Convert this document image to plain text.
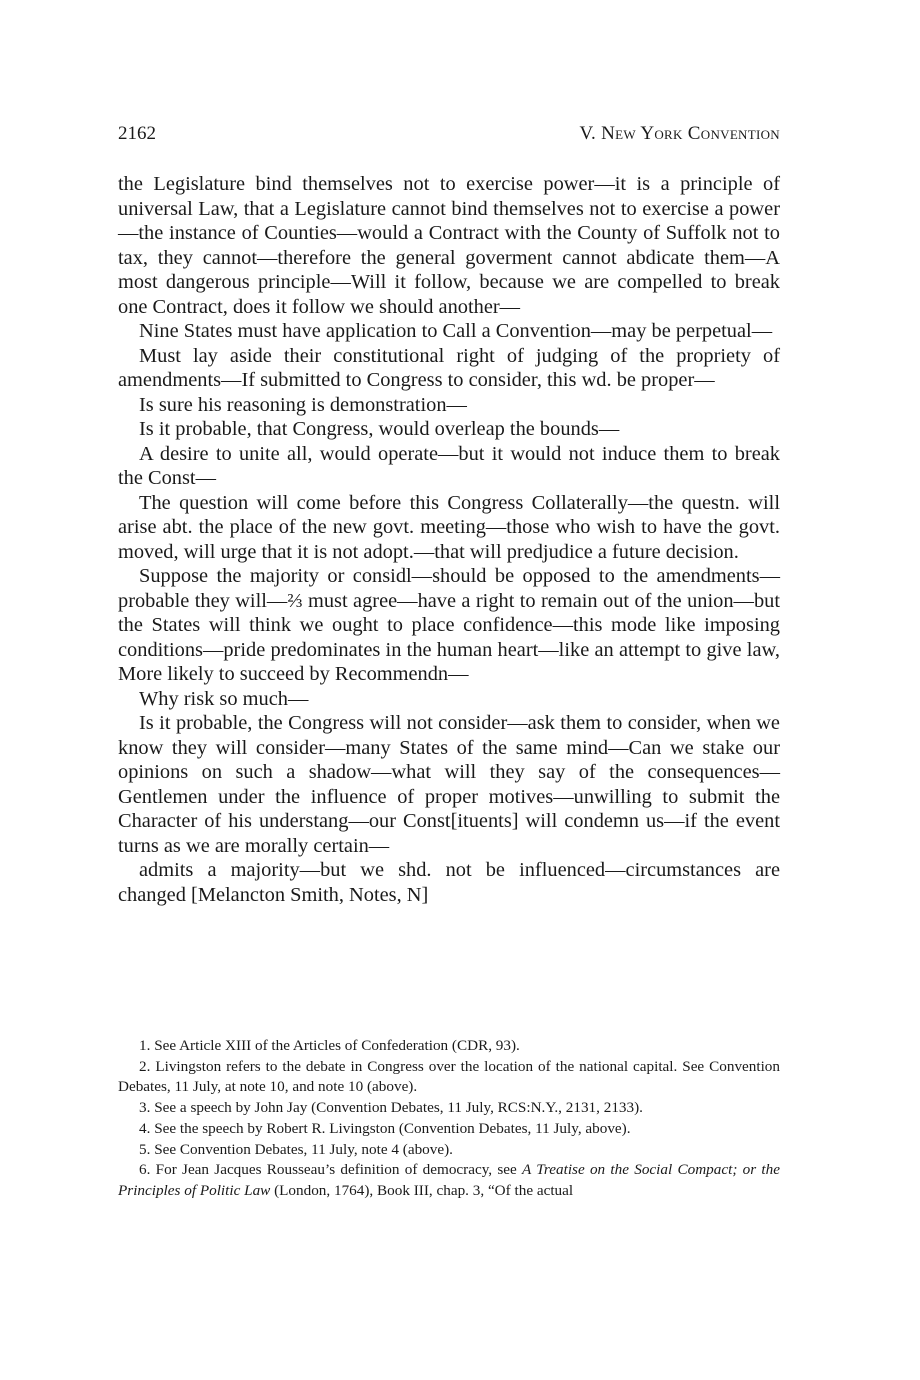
2162	V. New York Convention

the Legislature bind themselves not to exercise power—it is a principle of universal Law, that a Legislature cannot bind themselves not to exercise a power—the instance of Counties—would a Contract with the County of Suffolk not to tax, they cannot—therefore the general goverment cannot abdicate them—A most dangerous principle—Will it follow, because we are compelled to break one Contract, does it follow we should another—

Nine States must have application to Call a Convention—may be perpetual—

Must lay aside their constitutional right of judging of the propriety of amendments—If submitted to Congress to consider, this wd. be proper—

Is sure his reasoning is demonstration—

Is it probable, that Congress, would overleap the bounds—

A desire to unite all, would operate—but it would not induce them to break the Const—

The question will come before this Congress Collaterally—the questn. will arise abt. the place of the new govt. meeting—those who wish to have the govt. moved, will urge that it is not adopt.—that will predjudice a future decision.

Suppose the majority or considl—should be opposed to the amendments—probable they will—⅔ must agree—have a right to remain out of the union—but the States will think we ought to place confidence—this mode like imposing conditions—pride predominates in the human heart—like an attempt to give law, More likely to succeed by Recommendn—

Why risk so much—

Is it probable, the Congress will not consider—ask them to consider, when we know they will consider—many States of the same mind—Can we stake our opinions on such a shadow—what will they say of the consequences—Gentlemen under the influence of proper motives—unwilling to submit the Character of his understang—our Const[ituents] will condemn us—if the event turns as we are morally certain—

admits a majority—but we shd. not be influenced—circumstances are changed [Melancton Smith, Notes, N]

1. See Article XIII of the Articles of Confederation (CDR, 93).

2. Livingston refers to the debate in Congress over the location of the national capital. See Convention Debates, 11 July, at note 10, and note 10 (above).

3. See a speech by John Jay (Convention Debates, 11 July, RCS:N.Y., 2131, 2133).

4. See the speech by Robert R. Livingston (Convention Debates, 11 July, above).

5. See Convention Debates, 11 July, note 4 (above).

6. For Jean Jacques Rousseau’s definition of democracy, see A Treatise on the Social Compact; or the Principles of Politic Law (London, 1764), Book III, chap. 3, “Of the actual
